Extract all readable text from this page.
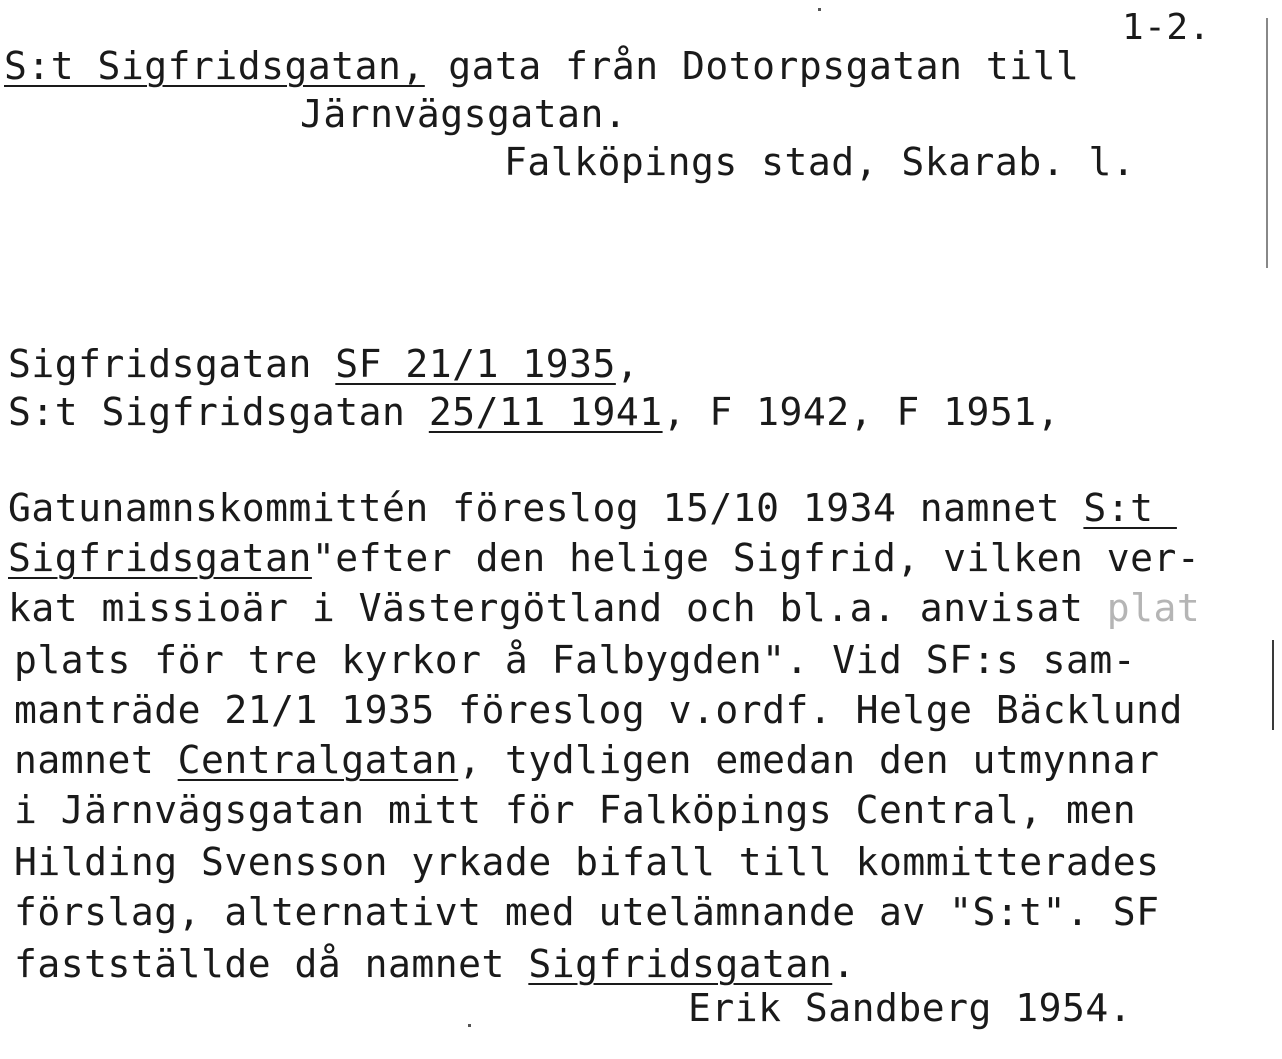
1-2.
S:t Sigfridsgatan, gata från Dotorpsgatan till
Järnvägsgatan.
Falköpings stad, Skarab. l.
Sigfridsgatan SF 21/1 1935,
S:t Sigfridsgatan 25/11 1941, F 1942, F 1951,
Gatunamnskommittén föreslog 15/10 1934 namnet S:t
Sigfridsgatan"efter den helige Sigfrid, vilken ver-
kat missioär i Västergötland och bl.a. anvisat plat
plats för tre kyrkor å Falbygden". Vid SF:s sam-
manträde 21/1 1935 föreslog v.ordf. Helge Bäcklund
namnet Centralgatan, tydligen emedan den utmynnar
i Järnvägsgatan mitt för Falköpings Central, men
Hilding Svensson yrkade bifall till kommitterades
förslag, alternativt med utelämnande av "S:t". SF
fastställde då namnet Sigfridsgatan.
Erik Sandberg 1954.
